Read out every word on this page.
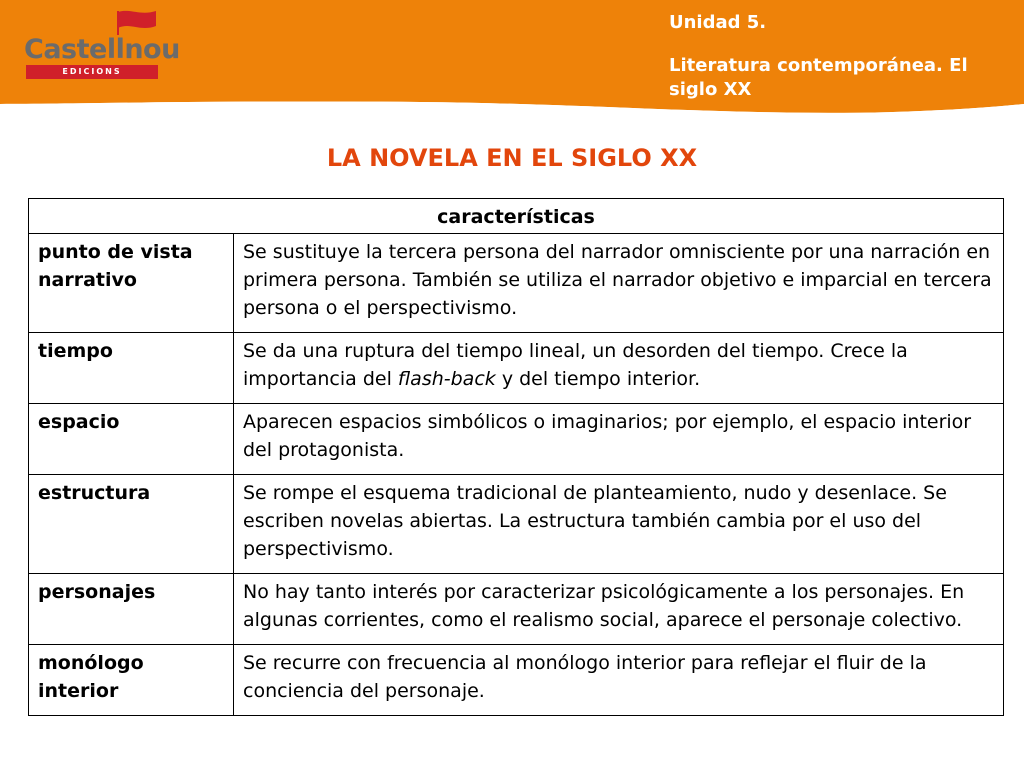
Castellnou
EDICIONS
Unidad 5.
Literatura contemporánea. El siglo XX
LA NOVELA EN EL SIGLO XX
características	
punto de vista narrativo	Se sustituye la tercera persona del narrador omnisciente por una narración en primera persona. También se utiliza el narrador objetivo e imparcial en tercera persona o el perspectivismo.
tiempo	Se da una ruptura del tiempo lineal, un desorden del tiempo. Crece la importancia del flash-back y del tiempo interior.
espacio	Aparecen espacios simbólicos o imaginarios; por ejemplo, el espacio interior del protagonista.
estructura	Se rompe el esquema tradicional de planteamiento, nudo y desenlace. Se escriben novelas abiertas. La estructura también cambia por el uso del perspectivismo.
personajes	No hay tanto interés por caracterizar psicológicamente a los personajes. En algunas corrientes, como el realismo social, aparece el personaje colectivo.
monólogo interior	Se recurre con frecuencia al monólogo interior para reflejar el fluir de la conciencia del personaje.
